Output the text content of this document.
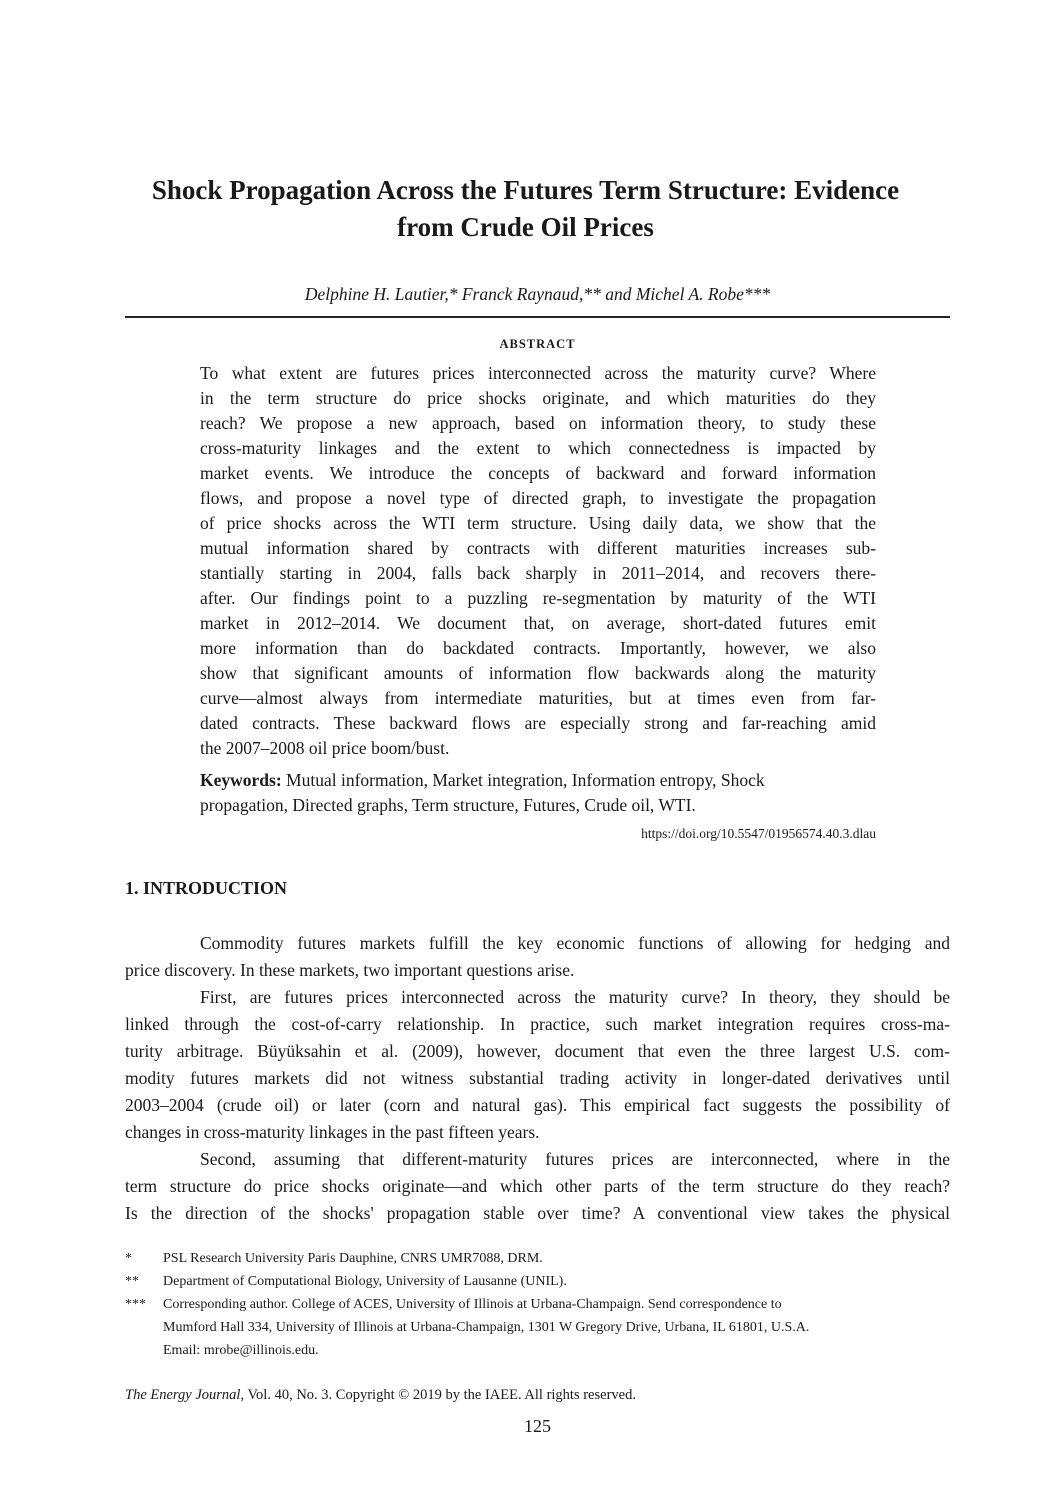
Shock Propagation Across the Futures Term Structure: Evidence
from Crude Oil Prices
Delphine H. Lautier,* Franck Raynaud,** and Michel A. Robe***
ABSTRACT
To what extent are futures prices interconnected across the maturity curve? Where
in the term structure do price shocks originate, and which maturities do they
reach? We propose a new approach, based on information theory, to study these
cross-maturity linkages and the extent to which connectedness is impacted by
market events. We introduce the concepts of backward and forward information
flows, and propose a novel type of directed graph, to investigate the propagation
of price shocks across the WTI term structure. Using daily data, we show that the
mutual information shared by contracts with different maturities increases sub-
stantially starting in 2004, falls back sharply in 2011–2014, and recovers there-
after. Our findings point to a puzzling re-segmentation by maturity of the WTI
market in 2012–2014. We document that, on average, short-dated futures emit
more information than do backdated contracts. Importantly, however, we also
show that significant amounts of information flow backwards along the maturity
curve—almost always from intermediate maturities, but at times even from far-
dated contracts. These backward flows are especially strong and far-reaching amid
the 2007–2008 oil price boom/bust.
Keywords: Mutual information, Market integration, Information entropy, Shock
propagation, Directed graphs, Term structure, Futures, Crude oil, WTI.
https://doi.org/10.5547/01956574.40.3.dlau
1. INTRODUCTION
Commodity futures markets fulfill the key economic functions of allowing for hedging and
price discovery. In these markets, two important questions arise.
First, are futures prices interconnected across the maturity curve? In theory, they should be
linked through the cost-of-carry relationship. In practice, such market integration requires cross-ma-
turity arbitrage. Büyüksahin et al. (2009), however, document that even the three largest U.S. com-
modity futures markets did not witness substantial trading activity in longer-dated derivatives until
2003–2004 (crude oil) or later (corn and natural gas). This empirical fact suggests the possibility of
changes in cross-maturity linkages in the past fifteen years.
Second, assuming that different-maturity futures prices are interconnected, where in the
term structure do price shocks originate—and which other parts of the term structure do they reach?
Is the direction of the shocks' propagation stable over time? A conventional view takes the physical
*	PSL Research University Paris Dauphine, CNRS UMR7088, DRM.
**	Department of Computational Biology, University of Lausanne (UNIL).
***	Corresponding author. College of ACES, University of Illinois at Urbana-Champaign. Send correspondence to
Mumford Hall 334, University of Illinois at Urbana-Champaign, 1301 W Gregory Drive, Urbana, IL 61801, U.S.A.
Email: mrobe@illinois.edu.
The Energy Journal, Vol. 40, No. 3. Copyright © 2019 by the IAEE. All rights reserved.
125
